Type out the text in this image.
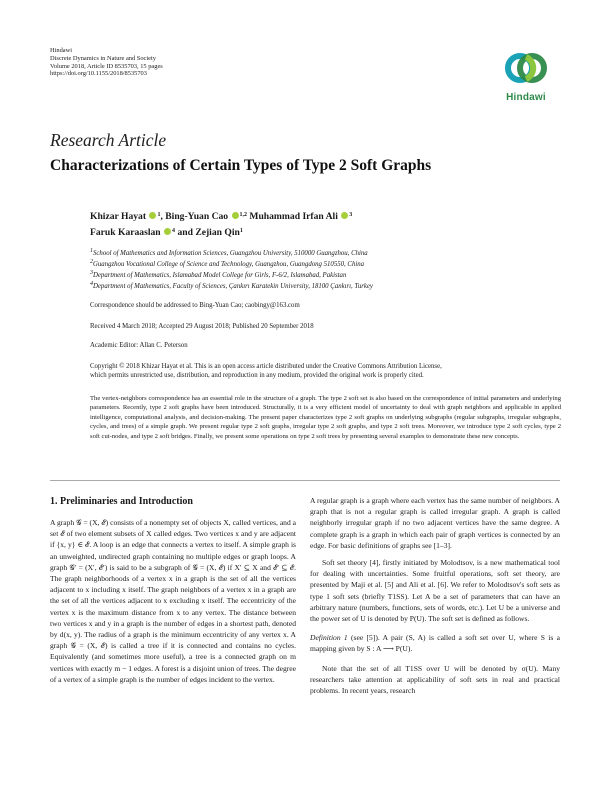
Hindawi
Discrete Dynamics in Nature and Society
Volume 2018, Article ID 8535703, 15 pages
https://doi.org/10.1155/2018/8535703
Hindawi
Research Article
Characterizations of Certain Types of Type 2 Soft Graphs
Khizar Hayat $^1$, Bing-Yuan Cao $^{1,2}$ Muhammad Irfan Ali $^3$
Faruk Karaaslan $^4$ and Zejian Qin$^1$
$^1$School of Mathematics and Information Sciences, Guangzhou University, 510000 Guangzhou, China
$^2$Guangzhou Vocational College of Science and Technology, Guangzhou, Guangdong 510550, China
$^3$Department of Mathematics, Islamabad Model College for Girls, F-6/2, Islamabad, Pakistan
$^4$Department of Mathematics, Faculty of Sciences, Çankırı Karatekin University, 18100 Çankırı, Turkey
Correspondence should be addressed to Bing-Yuan Cao; caobingy@163.com
Received 4 March 2018; Accepted 29 August 2018; Published 20 September 2018
Academic Editor: Allan C. Peterson
Copyright © 2018 Khizar Hayat et al. This is an open access article distributed under the Creative Commons Attribution License,
which permits unrestricted use, distribution, and reproduction in any medium, provided the original work is properly cited.
The vertex-neighbors correspondence has an essential role in the structure of a graph. The type 2 soft set is also based on the correspondence of initial parameters and underlying parameters. Recently, type 2 soft graphs have been introduced. Structurally, it is a very efficient model of uncertainty to deal with graph neighbors and applicable in applied intelligence, computational analysis, and decision-making. The present paper characterizes type 2 soft graphs on underlying subgraphs (regular subgraphs, irregular subgraphs, cycles, and trees) of a simple graph. We present regular type 2 soft graphs, irregular type 2 soft graphs, and type 2 soft trees. Moreover, we introduce type 2 soft cycles, type 2 soft cut-nodes, and type 2 soft bridges. Finally, we present some operations on type 2 soft trees by presenting several examples to demonstrate these new concepts.
1. Preliminaries and Introduction

A graph 𝒢 = (X, ℰ) consists of a nonempty set of objects X, called vertices, and a set ℰ of two element subsets of X called edges. Two vertices x and y are adjacent if {x, y} ∈ ℰ. A loop is an edge that connects a vertex to itself. A simple graph is an unweighted, undirected graph containing no multiple edges or graph loops. A graph 𝒢′ = (X′, ℰ′) is said to be a subgraph of 𝒢 = (X, ℰ) if X′ ⊆ X and ℰ′ ⊆ ℰ. The graph neighborhoods of a vertex x in a graph is the set of all the vertices adjacent to x including x itself. The graph neighbors of a vertex x in a graph are the set of all the vertices adjacent to x excluding x itself. The eccentricity of the vertex x is the maximum distance from x to any vertex. The distance between two vertices x and y in a graph is the number of edges in a shortest path, denoted by d(x, y). The radius of a graph is the minimum eccentricity of any vertex x. A graph 𝒢 = (X, ℰ) is called a tree if it is connected and contains no cycles. Equivalently (and sometimes more useful), a tree is a connected graph on m vertices with exactly m − 1 edges. A forest is a disjoint union of trees. The degree of a vertex of a simple graph is the number of edges incident to the vertex.

A regular graph is a graph where each vertex has the same number of neighbors. A graph that is not a regular graph is called irregular graph. A graph is called neighborly irregular graph if no two adjacent vertices have the same degree. A complete graph is a graph in which each pair of graph vertices is connected by an edge. For basic definitions of graphs see [1–3].

Soft set theory [4], firstly initiated by Molodtsov, is a new mathematical tool for dealing with uncertainties. Some fruitful operations, soft set theory, are presented by Maji et al. [5] and Ali et al. [6]. We refer to Molodtsov's soft sets as type 1 soft sets (briefly T1SS). Let A be a set of parameters that can have an arbitrary nature (numbers, functions, sets of words, etc.). Let U be a universe and the power set of U is denoted by P(U). The soft set is defined as follows.

Definition 1 (see [5]). A pair (S, A) is called a soft set over U, where S is a mapping given by S : A ⟶ P(U).

Note that the set of all T1SS over U will be denoted by σ(U). Many researchers take attention at applicability of soft sets in real and practical problems. In recent years, research
